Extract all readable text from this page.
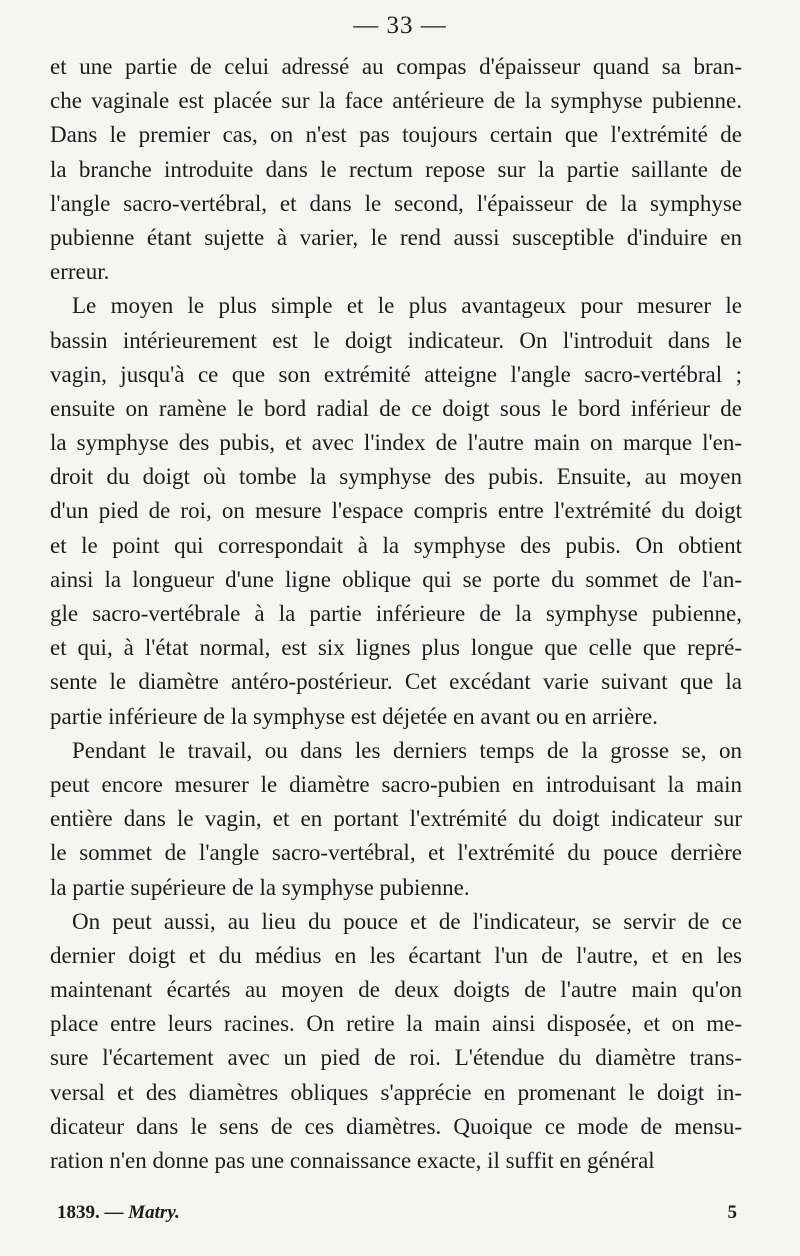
— 33 —
et une partie de celui adressé au compas d'épaisseur quand sa bran-
che vaginale est placée sur la face antérieure de la symphyse pubienne.
Dans le premier cas, on n'est pas toujours certain que l'extrémité de
la branche introduite dans le rectum repose sur la partie saillante de
l'angle sacro-vertébral, et dans le second, l'épaisseur de la symphyse
pubienne étant sujette à varier, le rend aussi susceptible d'induire en
erreur.
Le moyen le plus simple et le plus avantageux pour mesurer le
bassin intérieurement est le doigt indicateur. On l'introduit dans le
vagin, jusqu'à ce que son extrémité atteigne l'angle sacro-vertébral ;
ensuite on ramène le bord radial de ce doigt sous le bord inférieur de
la symphyse des pubis, et avec l'index de l'autre main on marque l'en-
droit du doigt où tombe la symphyse des pubis. Ensuite, au moyen
d'un pied de roi, on mesure l'espace compris entre l'extrémité du doigt
et le point qui correspondait à la symphyse des pubis. On obtient
ainsi la longueur d'une ligne oblique qui se porte du sommet de l'an-
gle sacro-vertébrale à la partie inférieure de la symphyse pubienne,
et qui, à l'état normal, est six lignes plus longue que celle que repré-
sente le diamètre antéro-postérieur. Cet excédant varie suivant que la
partie inférieure de la symphyse est déjetée en avant ou en arrière.
Pendant le travail, ou dans les derniers temps de la grosse se, on
peut encore mesurer le diamètre sacro-pubien en introduisant la main
entière dans le vagin, et en portant l'extrémité du doigt indicateur sur
le sommet de l'angle sacro-vertébral, et l'extrémité du pouce derrière
la partie supérieure de la symphyse pubienne.
On peut aussi, au lieu du pouce et de l'indicateur, se servir de ce
dernier doigt et du médius en les écartant l'un de l'autre, et en les
maintenant écartés au moyen de deux doigts de l'autre main qu'on
place entre leurs racines. On retire la main ainsi disposée, et on me-
sure l'écartement avec un pied de roi. L'étendue du diamètre trans-
versal et des diamètres obliques s'apprécie en promenant le doigt in-
dicateur dans le sens de ces diamètres. Quoique ce mode de mensu-
ration n'en donne pas une connaissance exacte, il suffit en général
1839. — Matry.	5
